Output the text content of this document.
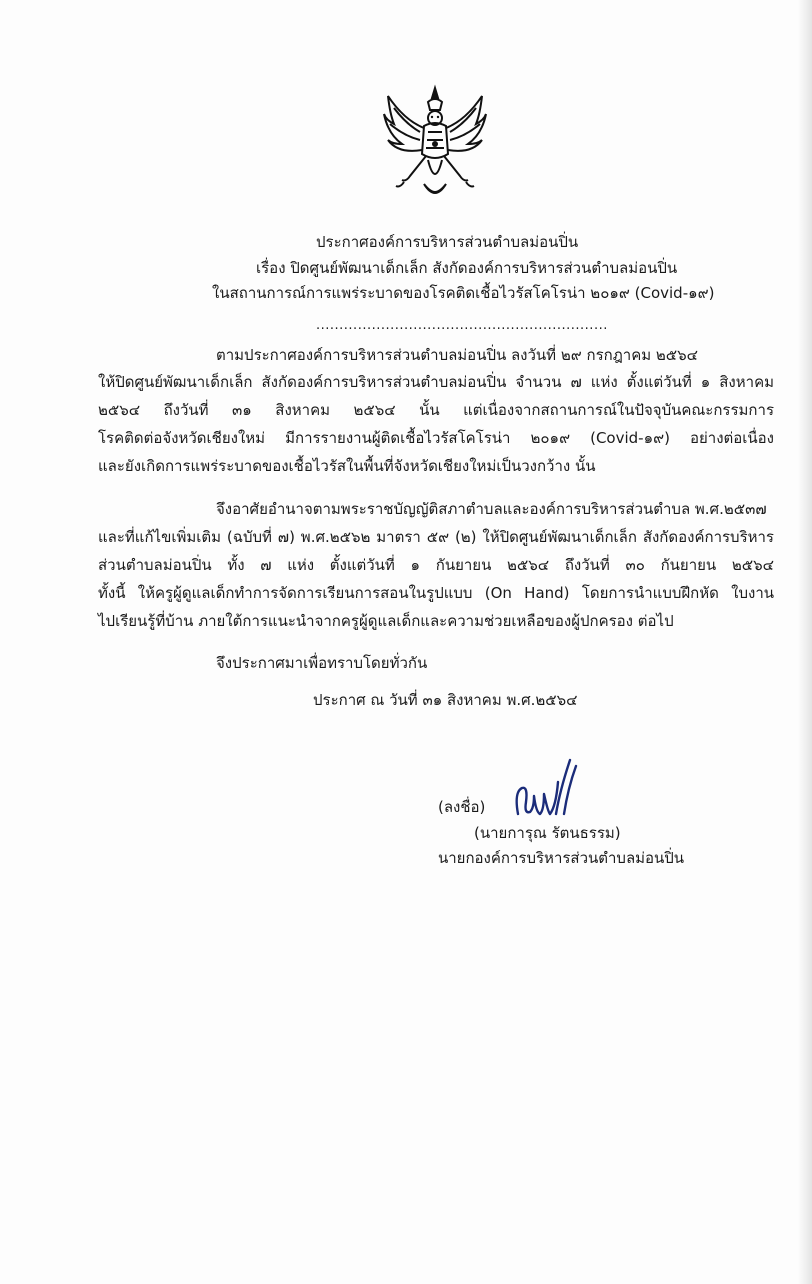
ประกาศองค์การบริหารส่วนตำบลม่อนปิ่น
เรื่อง ปิดศูนย์พัฒนาเด็กเล็ก สังกัดองค์การบริหารส่วนตำบลม่อนปิ่น
ในสถานการณ์การแพร่ระบาดของโรคติดเชื้อไวรัสโคโรน่า ๒๐๑๙ (Covid-๑๙)
...............................................................
ตามประกาศองค์การบริหารส่วนตำบลม่อนปิ่น ลงวันที่ ๒๙ กรกฎาคม ๒๕๖๔
ให้ปิดศูนย์พัฒนาเด็กเล็ก สังกัดองค์การบริหารส่วนตำบลม่อนปิ่น จำนวน ๗ แห่ง ตั้งแต่วันที่ ๑ สิงหาคม
๒๕๖๔ ถึงวันที่ ๓๑ สิงหาคม ๒๕๖๔ นั้น แต่เนื่องจากสถานการณ์ในปัจจุบันคณะกรรมการ
โรคติดต่อจังหวัดเชียงใหม่ มีการรายงานผู้ติดเชื้อไวรัสโคโรน่า ๒๐๑๙ (Covid-๑๙) อย่างต่อเนื่อง
และยังเกิดการแพร่ระบาดของเชื้อไวรัสในพื้นที่จังหวัดเชียงใหม่เป็นวงกว้าง นั้น
จึงอาศัยอำนาจตามพระราชบัญญัติสภาตำบลและองค์การบริหารส่วนตำบล พ.ศ.๒๕๓๗
และที่แก้ไขเพิ่มเติม (ฉบับที่ ๗) พ.ศ.๒๕๖๒ มาตรา ๕๙ (๒) ให้ปิดศูนย์พัฒนาเด็กเล็ก สังกัดองค์การบริหาร
ส่วนตำบลม่อนปิ่น ทั้ง ๗ แห่ง ตั้งแต่วันที่ ๑ กันยายน ๒๕๖๔ ถึงวันที่ ๓๐ กันยายน ๒๕๖๔
ทั้งนี้ ให้ครูผู้ดูแลเด็กทำการจัดการเรียนการสอนในรูปแบบ (On Hand) โดยการนำแบบฝึกหัด ใบงาน
ไปเรียนรู้ที่บ้าน ภายใต้การแนะนำจากครูผู้ดูแลเด็กและความช่วยเหลือของผู้ปกครอง ต่อไป
จึงประกาศมาเพื่อทราบโดยทั่วกัน
ประกาศ ณ วันที่ ๓๑ สิงหาคม พ.ศ.๒๕๖๔
(ลงชื่อ)
(นายการุณ รัตนธรรม)
นายกองค์การบริหารส่วนตำบลม่อนปิ่น
